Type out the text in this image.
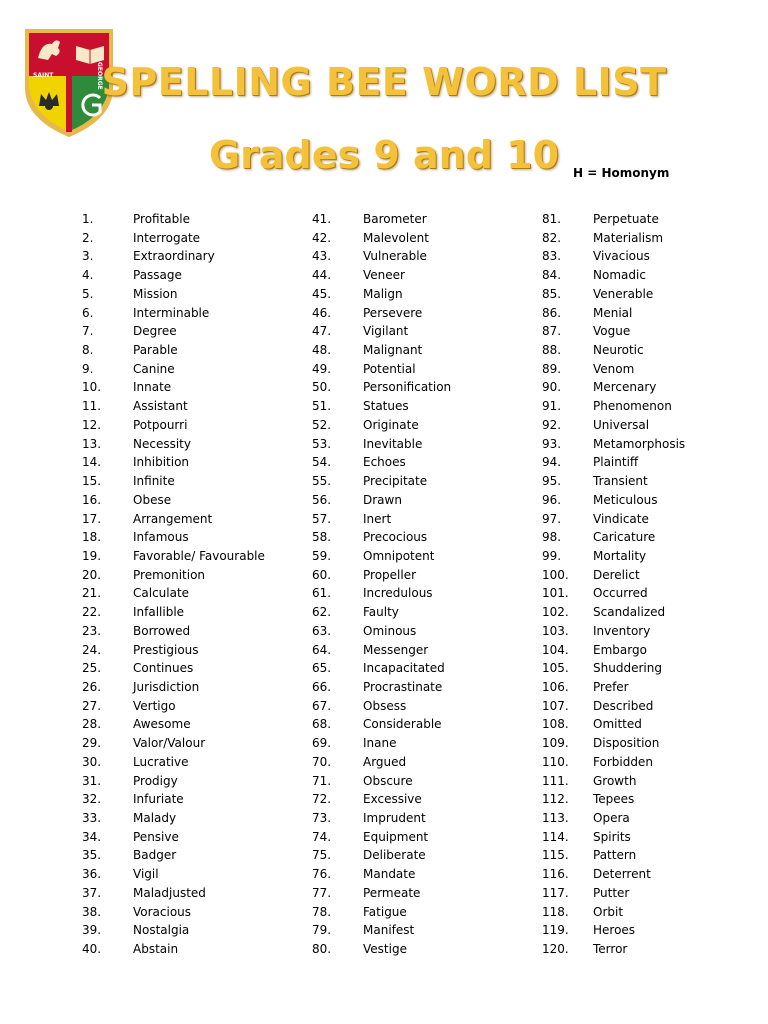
SAINT	GEORGE
SPELLING BEE WORD LIST
Grades 9 and 10	H = Homonym
1.	Profitable
2.	Interrogate
3.	Extraordinary
4.	Passage
5.	Mission
6.	Interminable
7.	Degree
8.	Parable
9.	Canine
10.	Innate
11.	Assistant
12.	Potpourri
13.	Necessity
14.	Inhibition
15.	Infinite
16.	Obese
17.	Arrangement
18.	Infamous
19.	Favorable/ Favourable
20.	Premonition
21.	Calculate
22.	Infallible
23.	Borrowed
24.	Prestigious
25.	Continues
26.	Jurisdiction
27.	Vertigo
28.	Awesome
29.	Valor/Valour
30.	Lucrative
31.	Prodigy
32.	Infuriate
33.	Malady
34.	Pensive
35.	Badger
36.	Vigil
37.	Maladjusted
38.	Voracious
39.	Nostalgia
40.	Abstain
41.	Barometer
42.	Malevolent
43.	Vulnerable
44.	Veneer
45.	Malign
46.	Persevere
47.	Vigilant
48.	Malignant
49.	Potential
50.	Personification
51.	Statues
52.	Originate
53.	Inevitable
54.	Echoes
55.	Precipitate
56.	Drawn
57.	Inert
58.	Precocious
59.	Omnipotent
60.	Propeller
61.	Incredulous
62.	Faulty
63.	Ominous
64.	Messenger
65.	Incapacitated
66.	Procrastinate
67.	Obsess
68.	Considerable
69.	Inane
70.	Argued
71.	Obscure
72.	Excessive
73.	Imprudent
74.	Equipment
75.	Deliberate
76.	Mandate
77.	Permeate
78.	Fatigue
79.	Manifest
80.	Vestige
81.	Perpetuate
82.	Materialism
83.	Vivacious
84.	Nomadic
85.	Venerable
86.	Menial
87.	Vogue
88.	Neurotic
89.	Venom
90.	Mercenary
91.	Phenomenon
92.	Universal
93.	Metamorphosis
94.	Plaintiff
95.	Transient
96.	Meticulous
97.	Vindicate
98.	Caricature
99.	Mortality
100. Derelict
101. Occurred
102. Scandalized
103. Inventory
104. Embargo
105. Shuddering
106. Prefer
107. Described
108. Omitted
109. Disposition
110. Forbidden
111. Growth
112. Tepees
113. Opera
114. Spirits
115. Pattern
116. Deterrent
117. Putter
118. Orbit
119. Heroes
120. Terror
